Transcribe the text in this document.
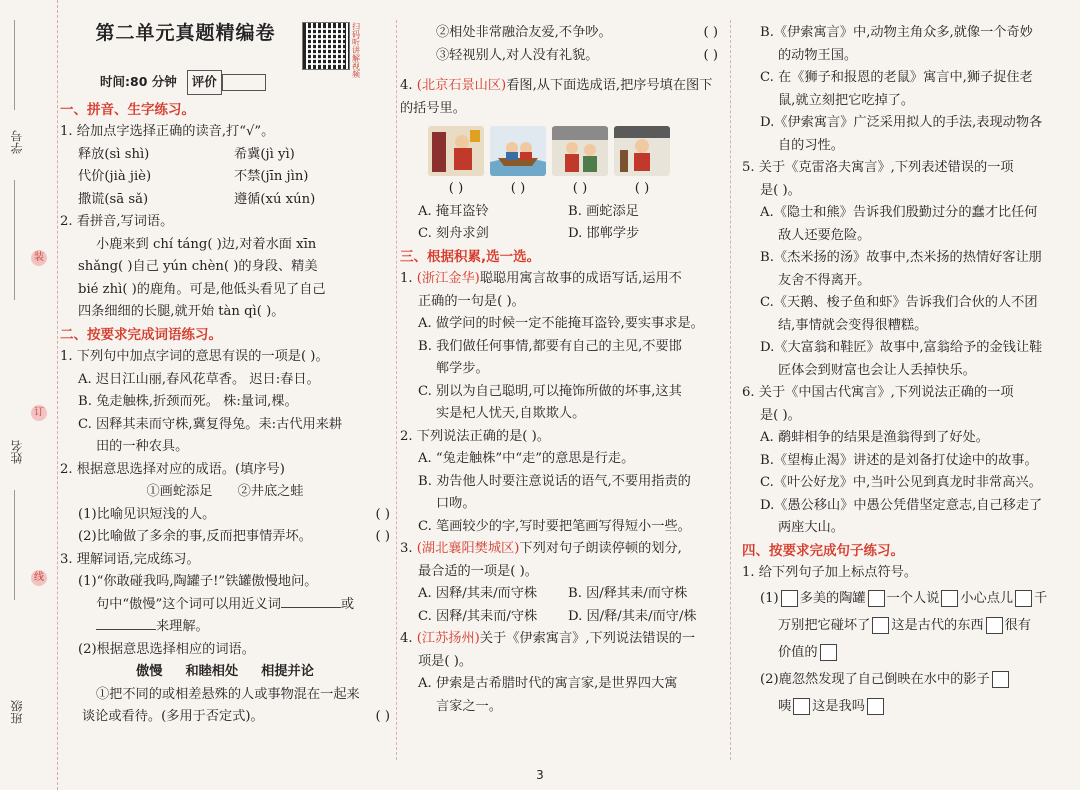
学号
姓名
班级
装
订
线
第二单元真题精编卷	扫码听讲解视频
时间:80 分钟	评价
一、拼音、生字练习。
1. 给加点字选择正确的读音,打“√”。
释放(sì shì)	希冀(jì yì)
代价(jià jiè)	不禁(jīn jìn)
撒谎(sā sǎ)	遵循(xú xún)
2. 看拼音,写词语。
小鹿来到 chí táng( )边,对着水面 xīn
shǎng( )自己 yún chèn( )的身段、精美
bié zhì( )的鹿角。可是,他低头看见了自己
四条细细的长腿,就开始 tàn qì( )。
二、按要求完成词语练习。
1. 下列句中加点字词的意思有误的一项是( )。
A. 迟日江山丽,春风花草香。 迟日:春日。
B. 兔走触株,折颈而死。 株:量词,棵。
C. 因释其耒而守株,冀复得兔。耒:古代用来耕
田的一种农具。
2. 根据意思选择对应的成语。(填序号)
①画蛇添足 ②井底之蛙
(1)比喻见识短浅的人。	( )
(2)比喻做了多余的事,反而把事情弄坏。	( )
3. 理解词语,完成练习。
(1)“你敢碰我吗,陶罐子!”铁罐傲慢地问。
句中“傲慢”这个词可以用近义词	或
来理解。
(2)根据意思选择相应的词语。
傲慢 和睦相处 相提并论
①把不同的或相差悬殊的人或事物混在一起来
谈论或看待。(多用于否定式)。	( )
②相处非常融洽友爱,不争吵。	( )
③轻视别人,对人没有礼貌。	( )
4. (北京石景山区)看图,从下面选成语,把序号填在图下的括号里。
( )	( )	( )	( )
A. 掩耳盗铃	B. 画蛇添足
C. 刻舟求剑	D. 邯郸学步
三、根据积累,选一选。
1. (浙江金华)聪聪用寓言故事的成语写话,运用不
正确的一句是( )。
A. 做学问的时候一定不能掩耳盗铃,要实事求是。
B. 我们做任何事情,都要有自己的主见,不要邯
郸学步。
C. 别以为自己聪明,可以掩饰所做的坏事,这其
实是杞人忧天,自欺欺人。
2. 下列说法正确的是( )。
A. “兔走触株”中“走”的意思是行走。
B. 劝告他人时要注意说话的语气,不要用指责的
口吻。
C. 笔画较少的字,写时要把笔画写得短小一些。
3. (湖北襄阳樊城区)下列对句子朗读停顿的划分,
最合适的一项是( )。
A. 因释/其耒/而守株	B. 因/释其耒/而守株
C. 因释/其耒而/守株	D. 因/释/其耒/而守/株
4. (江苏扬州)关于《伊索寓言》,下列说法错误的一
项是( )。
A. 伊索是古希腊时代的寓言家,是世界四大寓
言家之一。
B.《伊索寓言》中,动物主角众多,就像一个奇妙
的动物王国。
C. 在《狮子和报恩的老鼠》寓言中,狮子捉住老
鼠,就立刻把它吃掉了。
D.《伊索寓言》广泛采用拟人的手法,表现动物各
自的习性。
5. 关于《克雷洛夫寓言》,下列表述错误的一项
是( )。
A.《隐士和熊》告诉我们殷勤过分的蠢才比任何
敌人还要危险。
B.《杰米扬的汤》故事中,杰米扬的热情好客让朋
友舍不得离开。
C.《天鹅、梭子鱼和虾》告诉我们合伙的人不团
结,事情就会变得很糟糕。
D.《大富翁和鞋匠》故事中,富翁给予的金钱让鞋
匠体会到财富也会让人丢掉快乐。
6. 关于《中国古代寓言》,下列说法正确的一项
是( )。
A. 鹬蚌相争的结果是渔翁得到了好处。
B.《望梅止渴》讲述的是刘备打仗途中的故事。
C.《叶公好龙》中,当叶公见到真龙时非常高兴。
D.《愚公移山》中愚公凭借坚定意志,自己移走了
两座大山。
四、按要求完成句子练习。
1. 给下列句子加上标点符号。
(1) 多美的陶罐 一个人说 小心点儿 千
万别把它碰坏了 这是古代的东西 很有
价值的
(2)鹿忽然发现了自己倒映在水中的影子
咦 这是我吗
3
